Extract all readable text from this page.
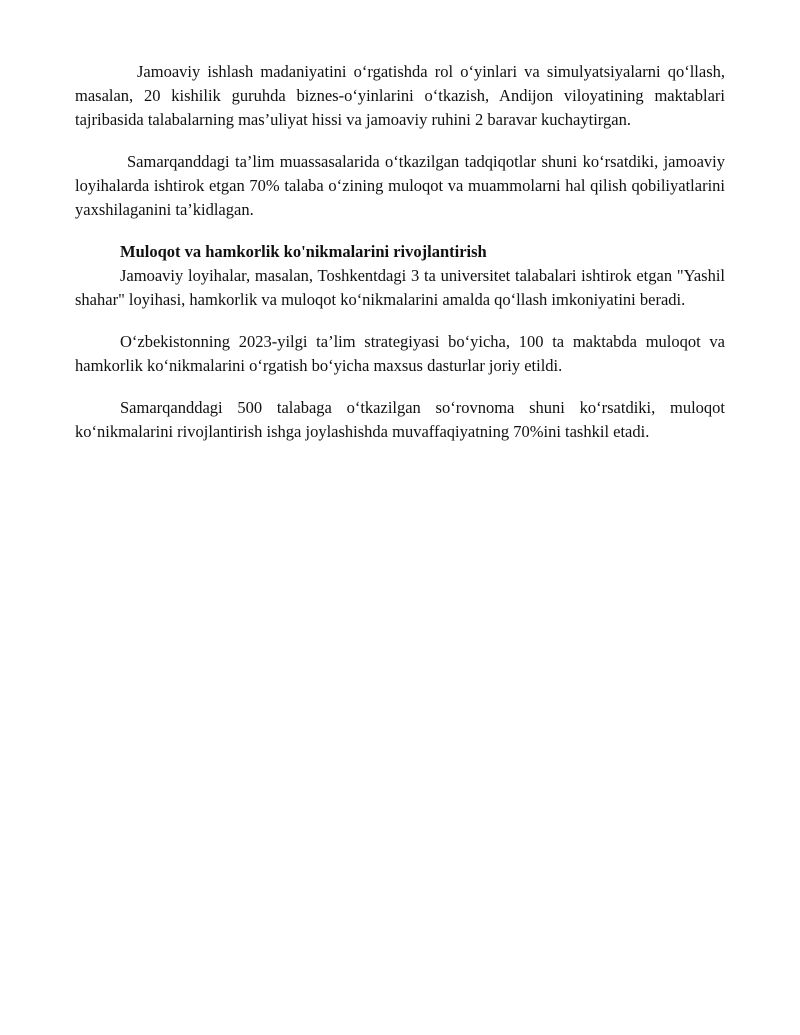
Jamoaviy ishlash madaniyatini o‘rgatishda rol o‘yinlari va simulyatsiyalarni qo‘llash, masalan, 20 kishilik guruhda biznes-o‘yinlarini o‘tkazish, Andijon viloyatining maktablari tajribasida talabalarning mas’uliyat hissi va jamoaviy ruhini 2 baravar kuchaytirgan.

Samarqanddagi ta’lim muassasalarida o‘tkazilgan tadqiqotlar shuni ko‘rsatdiki, jamoaviy loyihalarda ishtirok etgan 70% talaba o‘zining muloqot va muammolarni hal qilish qobiliyatlarini yaxshilaganini ta’kidlagan.

Muloqot va hamkorlik ko'nikmalarini rivojlantirish

Jamoaviy loyihalar, masalan, Toshkentdagi 3 ta universitet talabalari ishtirok etgan "Yashil shahar" loyihasi, hamkorlik va muloqot ko‘nikmalarini amalda qo‘llash imkoniyatini beradi.

O‘zbekistonning 2023-yilgi ta’lim strategiyasi bo‘yicha, 100 ta maktabda muloqot va hamkorlik ko‘nikmalarini o‘rgatish bo‘yicha maxsus dasturlar joriy etildi.

Samarqanddagi 500 talabaga o‘tkazilgan so‘rovnoma shuni ko‘rsatdiki, muloqot ko‘nikmalarini rivojlantirish ishga joylashishda muvaffaqiyatning 70%ini tashkil etadi.
